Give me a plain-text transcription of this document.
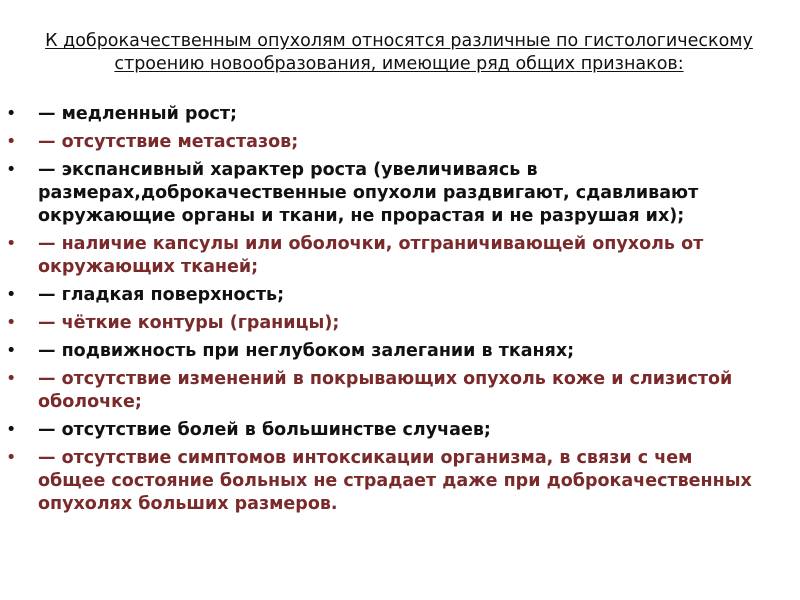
К доброкачественным опухолям относятся различные по гистологическому строению новообразования, имеющие ряд общих признаков:

• — медленный рост;
• — отсутствие метастазов;
• — экспансивный характер роста (увеличиваясь в размерах,доброкачественные опухоли раздвигают, сдавливают окружающие органы и ткани, не прорастая и не разрушая их);
• — наличие капсулы или оболочки, отграничивающей опухоль от окружающих тканей;
• — гладкая поверхность;
• — чёткие контуры (границы);
• — подвижность при неглубоком залегании в тканях;
• — отсутствие изменений в покрывающих опухоль коже и слизистой оболочке;
• — отсутствие болей в большинстве случаев;
• — отсутствие симптомов интоксикации организма, в связи с чем общее состояние больных не страдает даже при доброкачественных опухолях больших размеров.
